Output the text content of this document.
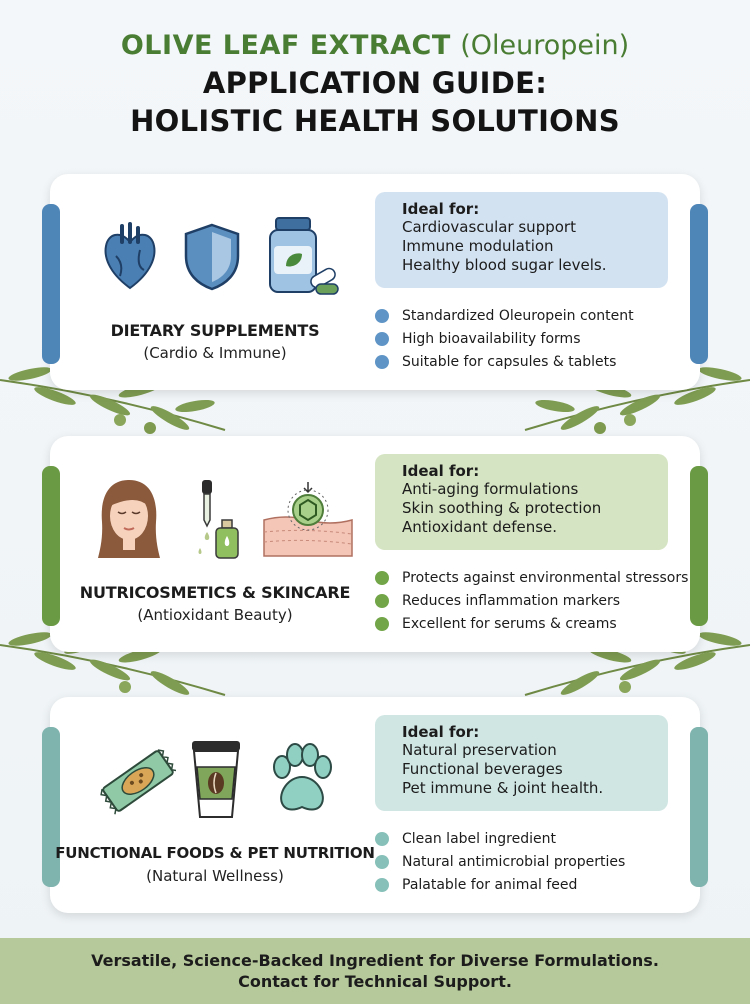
OLIVE LEAF EXTRACT (Oleuropein)
APPLICATION GUIDE:
HOLISTIC HEALTH SOLUTIONS
DIETARY SUPPLEMENTS
(Cardio & Immune)
Ideal for:
Cardiovascular support
Immune modulation
Healthy blood sugar levels.
Standardized Oleuropein content
High bioavailability forms
Suitable for capsules & tablets
NUTRICOSMETICS & SKINCARE
(Antioxidant Beauty)
Ideal for:
Anti-aging formulations
Skin soothing & protection
Antioxidant defense.
Protects against environmental stressors
Reduces inflammation markers
Excellent for serums & creams
FUNCTIONAL FOODS & PET NUTRITION
(Natural Wellness)
Ideal for:
Natural preservation
Functional beverages
Pet immune & joint health.
Clean label ingredient
Natural antimicrobial properties
Palatable for animal feed
Versatile, Science-Backed Ingredient for Diverse Formulations.
Contact for Technical Support.
